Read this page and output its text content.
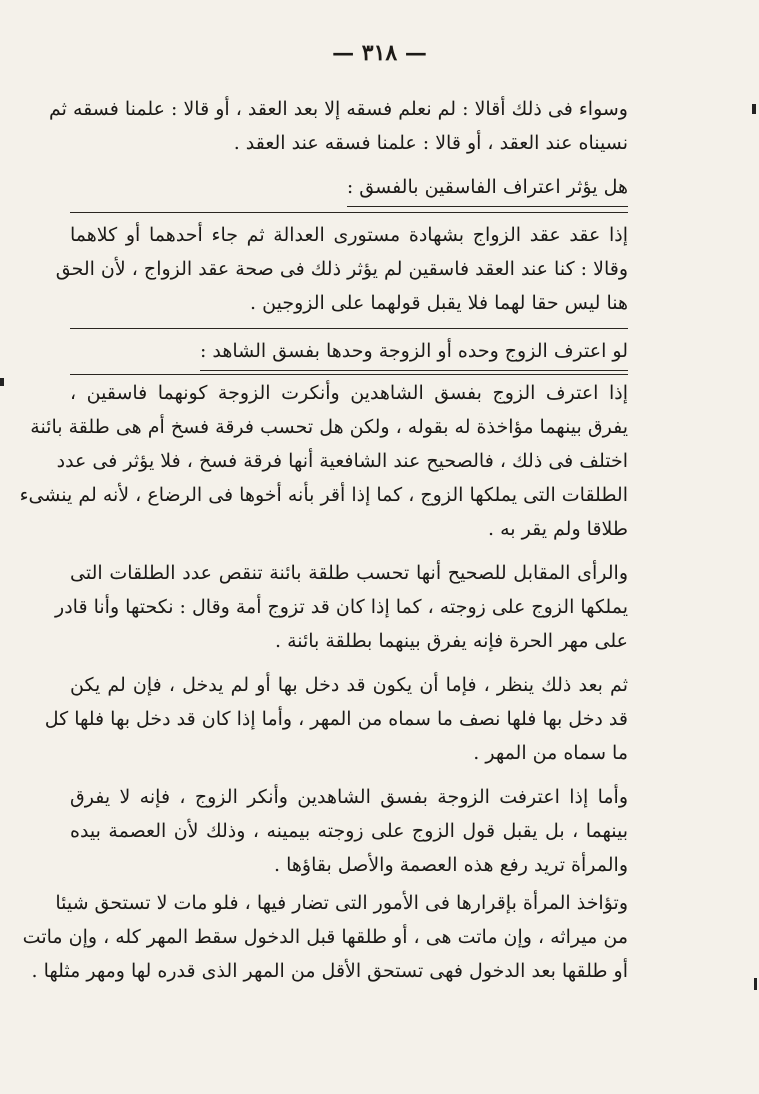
— ٣١٨ —
وسواء فى ذلك أقالا : لم نعلم فسقه إلا بعد العقد ، أو قالا : علمنا فسقه ثم
نسيناه عند العقد ، أو قالا : علمنا فسقه عند العقد .
هل يؤثر اعتراف الفاسقين بالفسق :
إذا عقد عقد الزواج بشهادة مستورى العدالة ثم جاء أحدهما أو كلاهما
وقالا : كنا عند العقد فاسقين لم يؤثر ذلك فى صحة عقد الزواج ، لأن الحق
هنا ليس حقا لهما فلا يقبل قولهما على الزوجين .
لو اعترف الزوج وحده أو الزوجة وحدها بفسق الشاهد :
إذا اعترف الزوج بفسق الشاهدين وأنكرت الزوجة كونهما فاسقين ،
يفرق بينهما مؤاخذة له بقوله ، ولكن هل تحسب فرقة فسخ أم هى طلقة بائنة
اختلف فى ذلك ، فالصحيح عند الشافعية أنها فرقة فسخ ، فلا يؤثر فى عدد
الطلقات التى يملكها الزوج ، كما إذا أقر بأنه أخوها فى الرضاع ، لأنه لم ينشىء
طلاقا ولم يقر به .
والرأى المقابل للصحيح أنها تحسب طلقة بائنة تنقص عدد الطلقات التى
يملكها الزوج على زوجته ، كما إذا كان قد تزوج أمة وقال : نكحتها وأنا قادر
على مهر الحرة فإنه يفرق بينهما بطلقة بائنة .
ثم بعد ذلك ينظر ، فإما أن يكون قد دخل بها أو لم يدخل ، فإن لم يكن
قد دخل بها فلها نصف ما سماه من المهر ، وأما إذا كان قد دخل بها فلها كل
ما سماه من المهر .
وأما إذا اعترفت الزوجة بفسق الشاهدين وأنكر الزوج ، فإنه لا يفرق
بينهما ، بل يقبل قول الزوج على زوجته بيمينه ، وذلك لأن العصمة بيده
والمرأة تريد رفع هذه العصمة والأصل بقاؤها .
وتؤاخذ المرأة بإقرارها فى الأمور التى تضار فيها ، فلو مات لا تستحق شيئا
من ميراثه ، وإن ماتت هى ، أو طلقها قبل الدخول سقط المهر كله ، وإن ماتت
أو طلقها بعد الدخول فهى تستحق الأقل من المهر الذى قدره لها ومهر مثلها .
